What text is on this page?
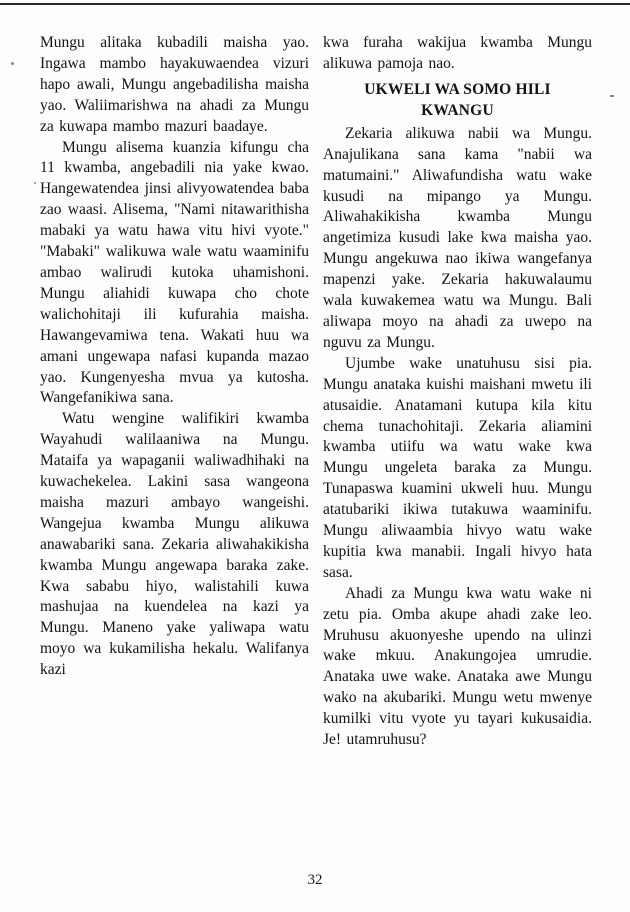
Mungu alitaka kubadili maisha yao. Ingawa mambo hayakuwaendea vizuri hapo awali, Mungu angebadilisha maisha yao. Waliimarishwa na ahadi za Mungu za kuwapa mambo mazuri baadaye.

Mungu alisema kuanzia kifungu cha 11 kwamba, angebadili nia yake kwao. Hangewatendea jinsi alivyowatendea baba zao waasi. Alisema, "Nami nitawarithisha mabaki ya watu hawa vitu hivi vyote." "Mabaki" walikuwa wale watu waaminifu ambao walirudi kutoka uhamishoni. Mungu aliahidi kuwapa cho chote walichohitaji ili kufurahia maisha. Hawangevamiwa tena. Wakati huu wa amani ungewapa nafasi kupanda mazao yao. Kungenyesha mvua ya kutosha. Wangefanikiwa sana.

Watu wengine walifikiri kwamba Wayahudi walilaaniwa na Mungu. Mataifa ya wapaganii waliwadhihaki na kuwachekelea. Lakini sasa wangeona maisha mazuri ambayo wangeishi. Wangejua kwamba Mungu alikuwa anawabariki sana. Zekaria aliwahakikisha kwamba Mungu angewapa baraka zake. Kwa sababu hiyo, walistahili kuwa mashujaa na kuendelea na kazi ya Mungu. Maneno yake yaliwapa watu moyo wa kukamilisha hekalu. Walifanya kazi

kwa furaha wakijua kwamba Mungu alikuwa pamoja nao.

UKWELI WA SOMO HILI KWANGU

Zekaria alikuwa nabii wa Mungu. Anajulikana sana kama "nabii wa matumaini." Aliwafundisha watu wake kusudi na mipango ya Mungu. Aliwahakikisha kwamba Mungu angetimiza kusudi lake kwa maisha yao. Mungu angekuwa nao ikiwa wangefanya mapenzi yake. Zekaria hakuwalaumu wala kuwakemea watu wa Mungu. Bali aliwapa moyo na ahadi za uwepo na nguvu za Mungu.

Ujumbe wake unatuhusu sisi pia. Mungu anataka kuishi maishani mwetu ili atusaidie. Anatamani kutupa kila kitu chema tunachohitaji. Zekaria aliamini kwamba utiifu wa watu wake kwa Mungu ungeleta baraka za Mungu. Tunapaswa kuamini ukweli huu. Mungu atatubariki ikiwa tutakuwa waaminifu. Mungu aliwaambia hivyo watu wake kupitia kwa manabii. Ingali hivyo hata sasa.

Ahadi za Mungu kwa watu wake ni zetu pia. Omba akupe ahadi zake leo. Mruhusu akuonyeshe upendo na ulinzi wake mkuu. Anakungojea umrudie. Anataka uwe wake. Anataka awe Mungu wako na akubariki. Mungu wetu mwenye kumilki vitu vyote yu tayari kukusaidia. Je! utamruhusu?

32
